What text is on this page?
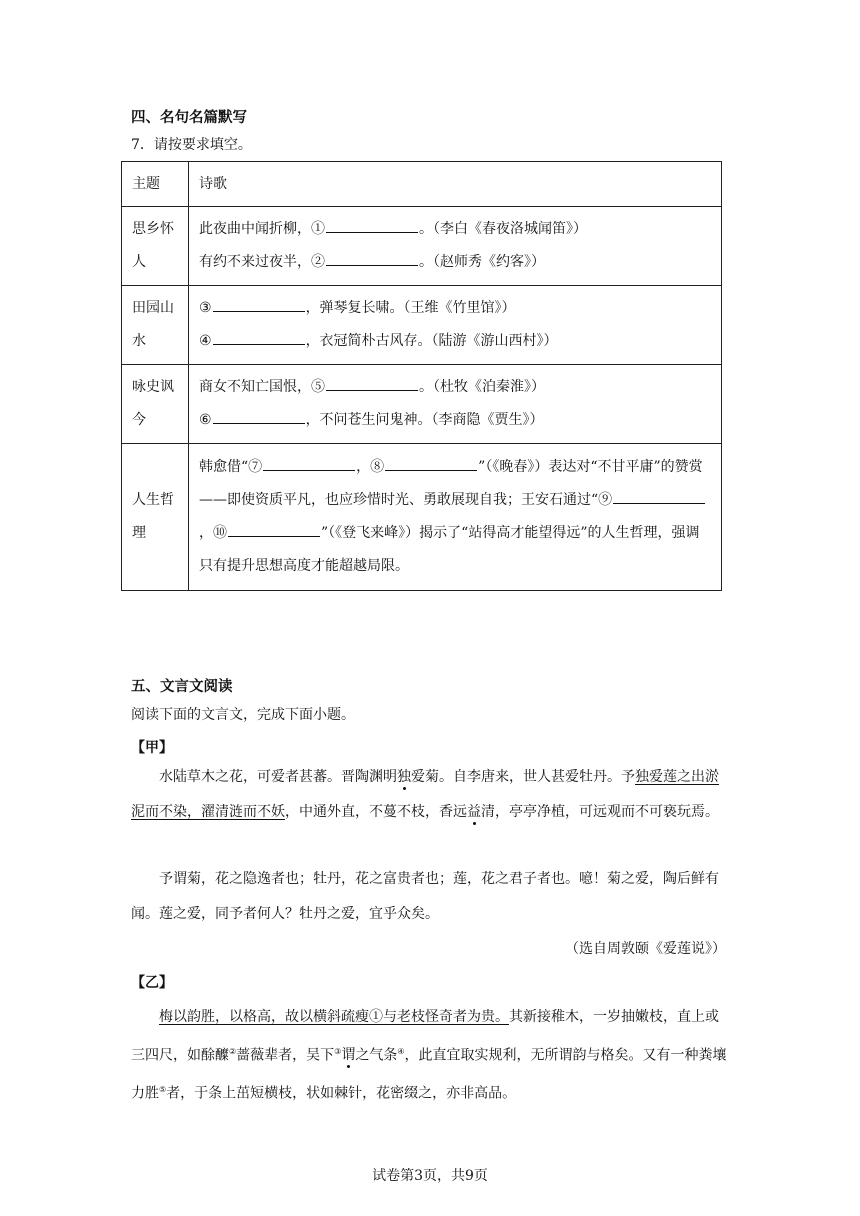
四、名句名篇默写
7．请按要求填空。
主题	诗歌
思乡怀人	此夜曲中闻折柳，① 。（李白《春夜洛城闻笛》）
有约不来过夜半，② 。（赵师秀《约客》）

田园山水	③ ，弹琴复长啸。（王维《竹里馆》）
④ ，衣冠简朴古风存。（陆游《游山西村》）

咏史讽今	商女不知亡国恨，⑤ 。（杜牧《泊秦淮》）
⑥ ，不问苍生问鬼神。（李商隐《贾生》）

人生哲理	韩愈借“⑦ ，⑧ ”（《晚春》）表达对“不甘平庸”的赞赏——即使资质平凡，也应珍惜时光、勇敢展现自我；王安石通过“⑨，⑩ ”（《登飞来峰》）揭示了“站得高才能望得远”的人生哲理，强调只有提升思想高度才能超越局限。
五、文言文阅读
阅读下面的文言文，完成下面小题。
【甲】
水陆草木之花，可爱者甚蕃。晋陶渊明独爱菊。自李唐来，世人甚爱牡丹。予独爱莲之出淤泥而不染，濯清涟而不妖，中通外直，不蔓不枝，香远益清，亭亭净植，可远观而不可亵玩焉。
予谓菊，花之隐逸者也；牡丹，花之富贵者也；莲，花之君子者也。噫！菊之爱，陶后鲜有闻。莲之爱，同予者何人？牡丹之爱，宜乎众矣。
（选自周敦颐《爱莲说》）
【乙】
梅以韵胜，以格高，故以横斜疏瘦①与老枝怪奇者为贵。其新接稚木，一岁抽嫩枝，直上或三四尺，如酴醾②蔷薇辈者，吴下③谓之气条④，此直宜取实规利，无所谓韵与格矣。又有一种粪壤力胜⑤者，于条上茁短横枝，状如棘针，花密缀之，亦非高品。
试卷第3页，共9页
